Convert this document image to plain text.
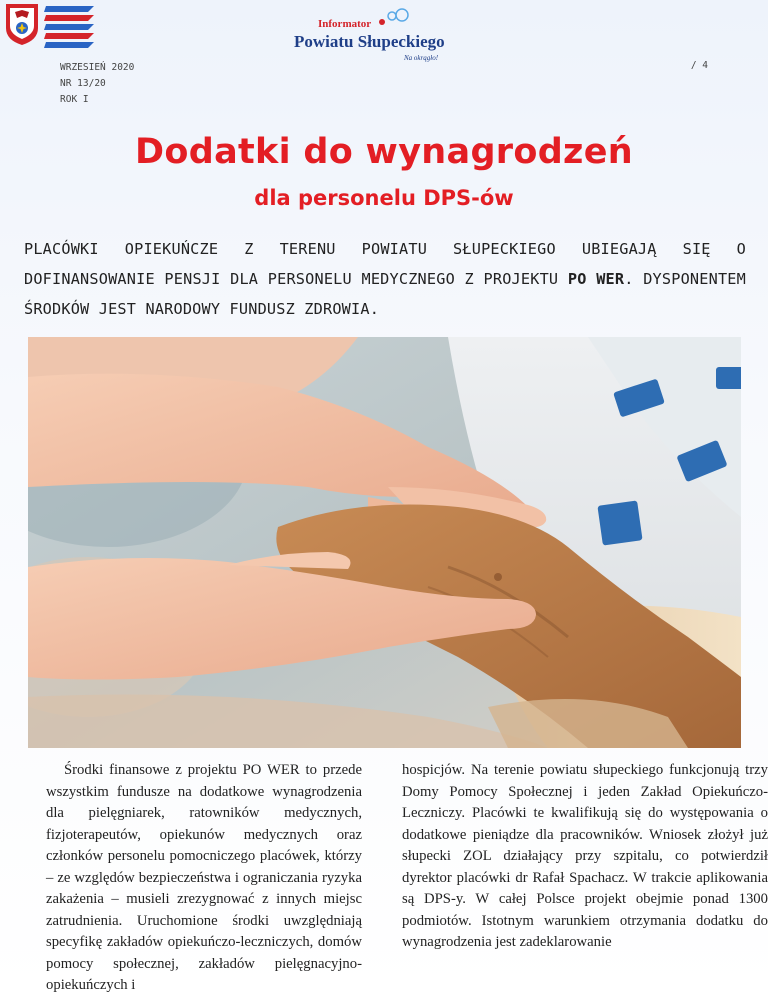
Informator
Powiatu Słupeckiego
Na okrągło!
WRZESIEŃ 2020
NR 13/20
ROK I
/ 4
Dodatki do wynagrodzeń
dla personelu DPS-ów

PLACÓWKI OPIEKUŃCZE Z TERENU POWIATU SŁUPECKIEGO UBIEGAJĄ SIĘ O DOFINANSOWANIE PENSJI DLA PERSONELU MEDYCZNEGO Z PROJEKTU PO WER. DYSPONENTEM ŚRODKÓW JEST NARODOWY FUNDUSZ ZDROWIA.

Środki finansowe z projektu PO WER to przede wszystkim fundusze na dodatkowe wynagrodzenia dla pielęgniarek, ratowników medycznych, fizjoterapeutów, opiekunów medycznych oraz członków personelu pomocniczego placówek, którzy – ze względów bezpieczeństwa i ograniczania ryzyka zakażenia – musieli zrezygnować z innych miejsc zatrudnienia. Uruchomione środki uwzględniają specyfikę zakładów opiekuńczo-leczniczych, domów pomocy społecznej, zakładów pielęgnacyjno-opiekuńczych i

hospicjów. Na terenie powiatu słupeckiego funkcjonują trzy Domy Pomocy Społecznej i jeden Zakład Opiekuńczo-Leczniczy. Placówki te kwalifikują się do występowania o dodatkowe pieniądze dla pracowników. Wniosek złożył już słupecki ZOL działający przy szpitalu, co potwierdził dyrektor placówki dr Rafał Spachacz. W trakcie aplikowania są DPS-y. W całej Polsce projekt obejmie ponad 1300 podmiotów. Istotnym warunkiem otrzymania dodatku do wynagrodzenia jest zadeklarowanie
